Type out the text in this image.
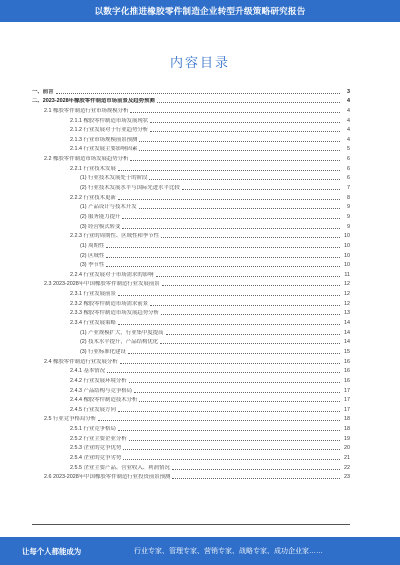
以数字化推进橡胶零件制造企业转型升级策略研究报告
内容目录
一、前言	3
二、2023-2028年橡胶零件制造市场前景及趋势预测	4
2.1 橡胶零件制造行业市场规模分析	4
2.1.1 橡胶零件制造市场发展现状	4
2.1.2 行业发展对于行业趋势分析	4
2.1.3 行业市场规模前景预测	4
2.1.4 行业发展主要影响因素	5
2.2 橡胶零件制造市场发展趋势分析	6
2.2.1 行业技术发展	6
(1) 行业技术发展处于的阶段	6
(2) 行业技术发展水平与国际先进水平比较	7
2.2.2 行业技术更新	8
(1) 产品设计与技术开发	9
(2) 服务能力提升	9
(3) 经营模式转变	9
2.2.3 行业的周期性、区域性和季节性	10
(1) 周期性	10
(2) 区域性	10
(3) 季节性	10
2.2.4 行业发展对于市场需求的影响	11
2.3 2023-2028年中国橡胶零件制造行业发展前景	12
2.3.1 行业发展前景	12
2.3.2 橡胶零件制造市场需求前景	12
2.3.3 橡胶零件制造市场发展趋势分析	13
2.3.4 行业发展策略	14
(1) 产业规模扩大，行业集中度提高	14
(2) 技术水平提升，产品结构优化	14
(3) 行业标准化建设	15
2.4 橡胶零件制造行业发展分析	16
2.4.1 基本情况	16
2.4.2 行业发展环境分析	16
2.4.3 产品结构与竞争格局	17
2.4.4 橡胶零件制造技术分析	17
2.4.5 行业发展方向	17
2.5 行业竞争格局分析	18
2.5.1 行业竞争格局	18
2.5.2 行业主要企业分析	19
2.5.3 企业的竞争优势	20
2.5.4 企业的竞争劣势	21
2.5.5 企业主要产品、营业收入、利润情况	22
2.6 2023-2028年中国橡胶零件制造行业投资前景预测	23
让每个人都能成为	行业专家、管理专家、营销专家、战略专家、成功企业家……
